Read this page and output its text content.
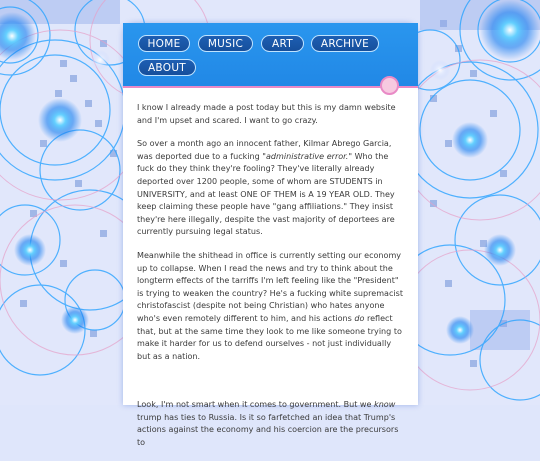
HOME	MUSIC	ART	ARCHIVE
ABOUT

I know I already made a post today but this is my damn website and I'm upset and scared. I want to go crazy.

So over a month ago an innocent father, Kilmar Abrego Garcia, was deported due to a fucking "administrative error." Who the fuck do they think they're fooling? They've literally already deported over 1200 people, some of whom are STUDENTS in UNIVERSITY, and at least ONE OF THEM is A 19 YEAR OLD. They keep claiming these people have "gang affiliations." They insist they're here illegally, despite the vast majority of deportees are currently pursuing legal status.

Meanwhile the shithead in office is currently setting our economy up to collapse. When I read the news and try to think about the longterm effects of the tarriffs I'm left feeling like the "President" is trying to weaken the country? He's a fucking white supremacist christofascist (despite not being Christian) who hates anyone who's even remotely different to him, and his actions do reflect that, but at the same time they look to me like someone trying to make it harder for us to defend ourselves - not just individually but as a nation.

Look, I'm not smart when it comes to government. But we know trump has ties to Russia. Is it so farfetched an idea that Trump's actions against the economy and his coercion are the precursors to
